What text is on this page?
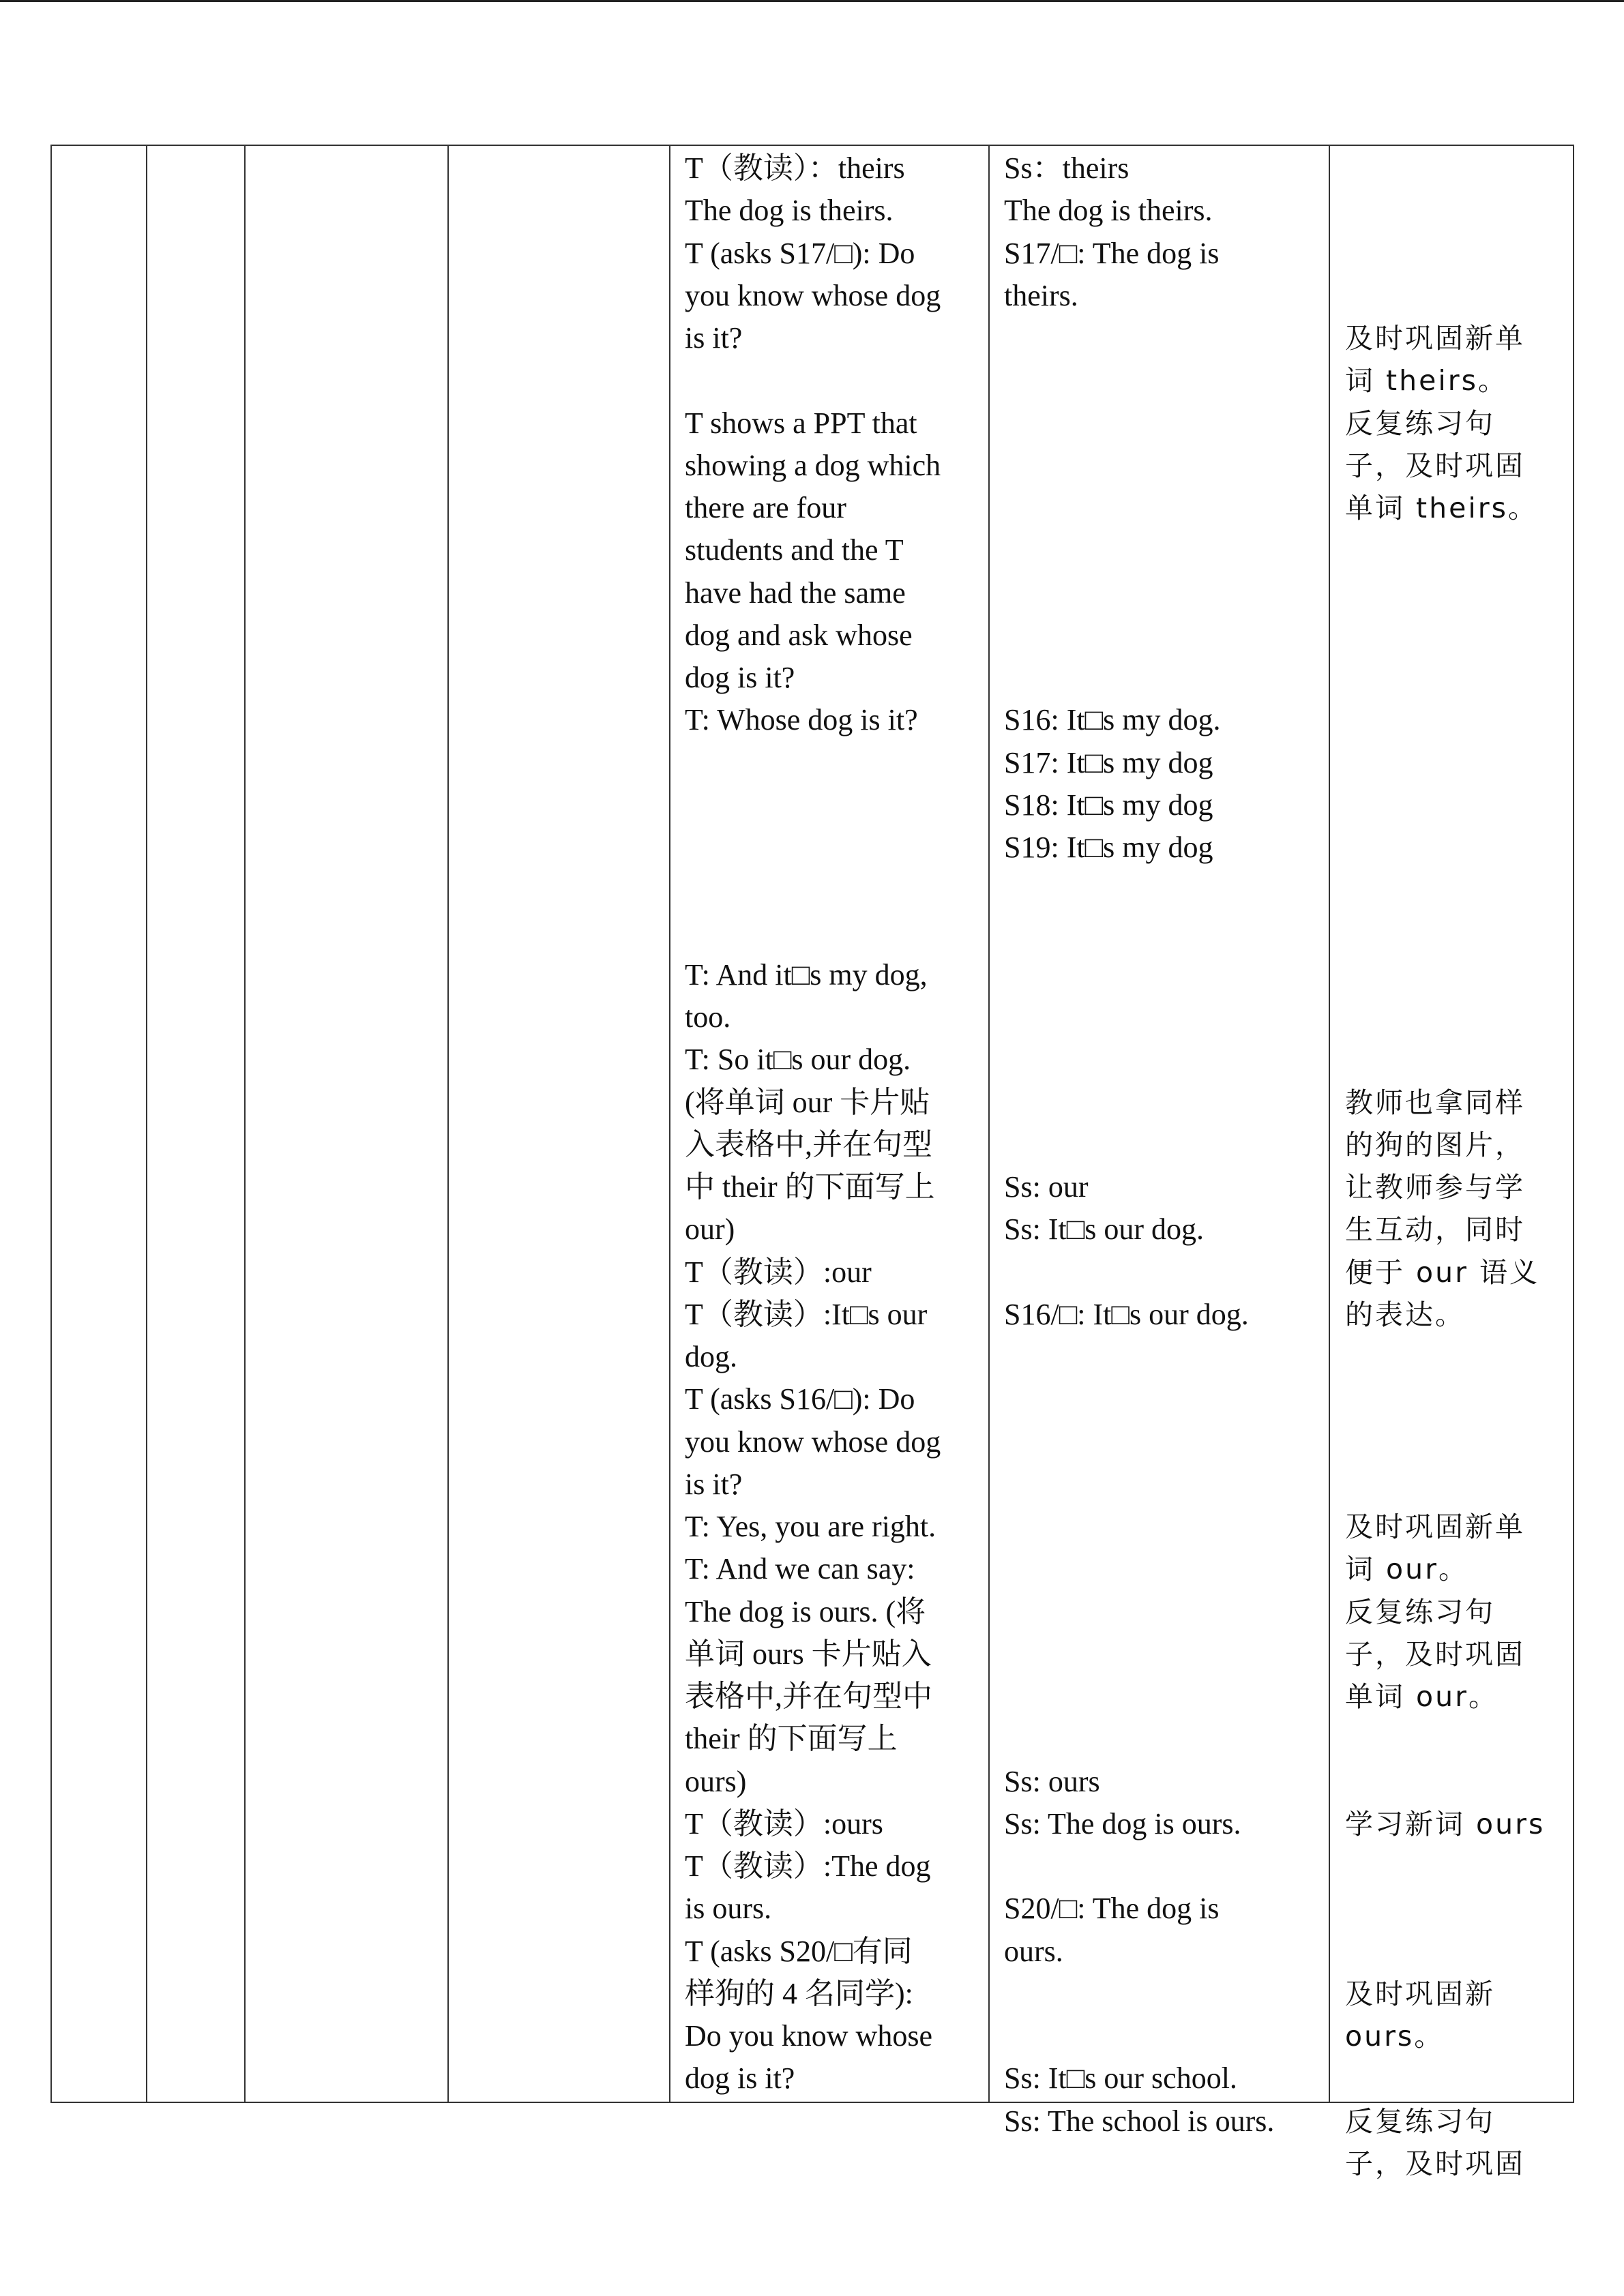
T（教读）：theirs
The dog is theirs.
T (asks S17/□): Do
you know whose dog
is it?

T shows a PPT that
showing a dog which
there are four
students and the T
have had the same
dog and ask whose
dog is it?
T: Whose dog is it?

T: And it□s my dog,
too.
T: So it□s our dog.
(将单词 our 卡片贴
入表格中,并在句型
中 their 的下面写上
our)
T（教读）:our
T（教读）:It□s our
dog.
T (asks S16/□): Do
you know whose dog
is it?
T: Yes, you are right.
T: And we can say:
The dog is ours. (将
单词 ours 卡片贴入
表格中,并在句型中
their 的下面写上
ours)
T（教读）:ours
T（教读）:The dog
is ours.
T (asks S20/□有同
样狗的 4 名同学):
Do you know whose
dog is it?
Ss：theirs
The dog is theirs.
S17/□: The dog is
theirs.

S16: It□s my dog.
S17: It□s my dog
S18: It□s my dog
S19: It□s my dog

Ss: our
Ss: It□s our dog.

S16/□: It□s our dog.

Ss: ours
Ss: The dog is ours.

S20/□: The dog is
ours.

Ss: It□s our school.
Ss: The school is ours.

及时巩固新单
词 theirs。
反复练习句
子，及时巩固
单词 theirs。

教师也拿同样
的狗的图片，
让教师参与学
生互动，同时
便于 our 语义
的表达。

及时巩固新单
词 our。
反复练习句
子，及时巩固
单词 our。

学习新词 ours

及时巩固新
ours。

反复练习句
子，及时巩固
